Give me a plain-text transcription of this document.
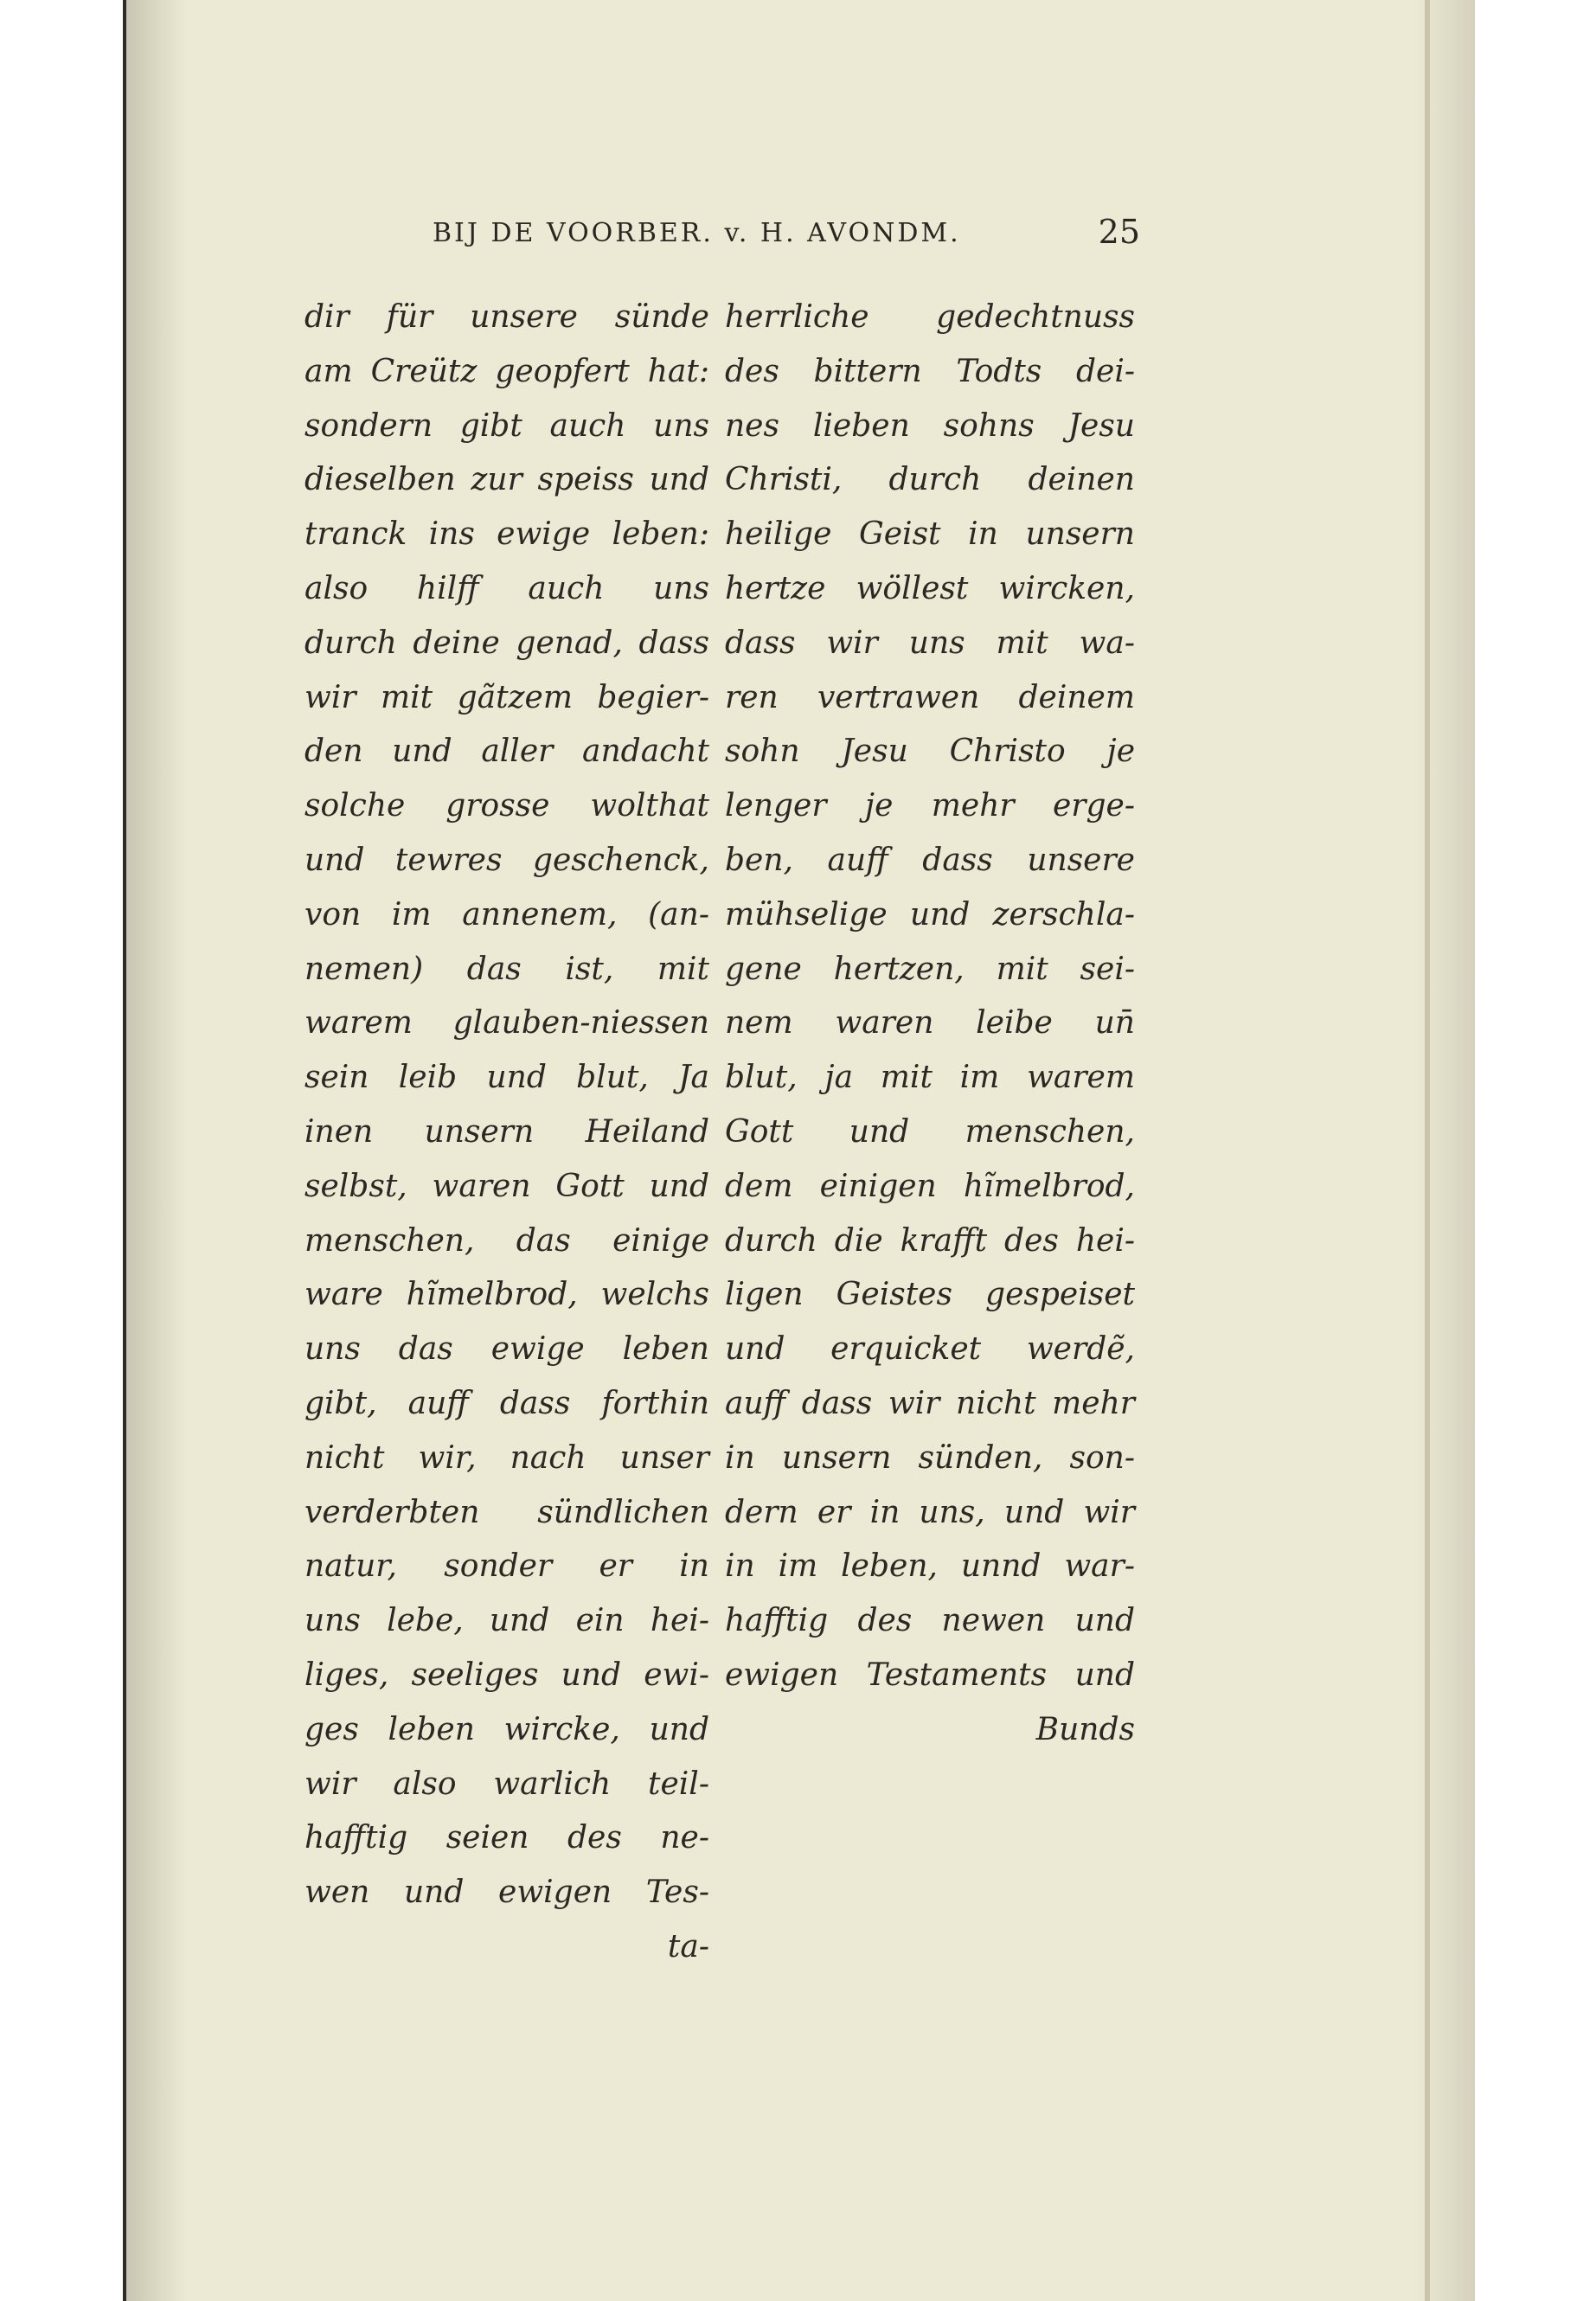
BIJ DE VOORBER. v. H. AVONDM.	25
dir für unsere sünde
am Creütz geopfert hat:
sondern gibt auch uns
dieselben zur speiss und
tranck ins ewige leben:
also hilff auch uns
durch deine genad, dass
wir mit gãtzem begier-
den und aller andacht
solche grosse wolthat
und tewres geschenck,
von im annenem, (an-
nemen) das ist, mit
warem glauben-niessen
sein leib und blut, Ja
inen unsern Heiland
selbst, waren Gott und
menschen, das einige
ware hĩmelbrod, welchs
uns das ewige leben
gibt, auff dass forthin
nicht wir, nach unser
verderbten sündlichen
natur, sonder er in
uns lebe, und ein hei-
liges, seeliges und ewi-
ges leben wircke, und
wir also warlich teil-
hafftig seien des ne-
wen und ewigen Tes-
ta-
herrliche gedechtnuss
des bittern Todts dei-
nes lieben sohns Jesu
Christi, durch deinen
heilige Geist in unsern
hertze wöllest wircken,
dass wir uns mit wa-
ren vertrawen deinem
sohn Jesu Christo je
lenger je mehr erge-
ben, auff dass unsere
mühselige und zerschla-
gene hertzen, mit sei-
nem waren leibe un̄
blut, ja mit im warem
Gott und menschen,
dem einigen hĩmelbrod,
durch die krafft des hei-
ligen Geistes gespeiset
und erquicket werdẽ,
auff dass wir nicht mehr
in unsern sünden, son-
dern er in uns, und wir
in im leben, unnd war-
hafftig des newen und
ewigen Testaments und
Bunds
